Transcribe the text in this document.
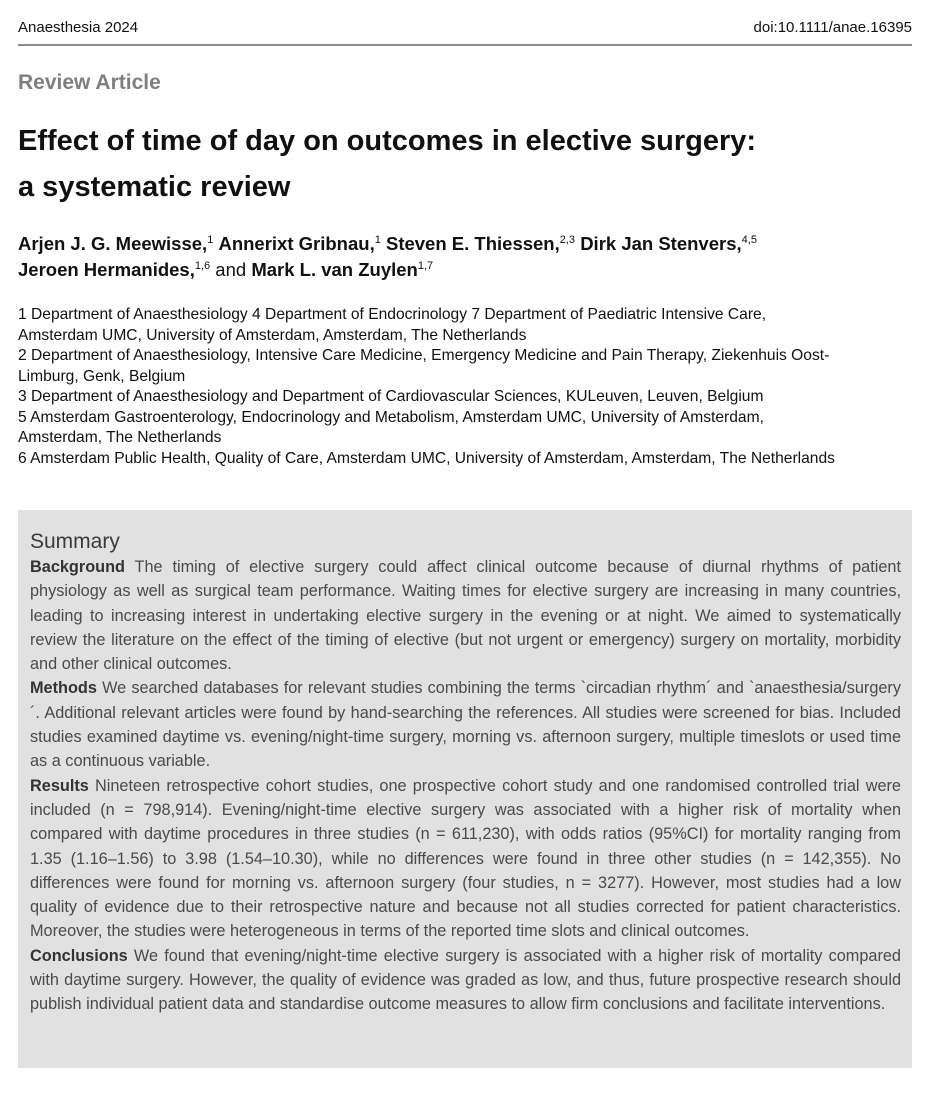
Anaesthesia 2024	doi:10.1111/anae.16395
Review Article
Effect of time of day on outcomes in elective surgery:
a systematic review
Arjen J. G. Meewisse,$^1$ Annerixt Gribnau,$^1$ Steven E. Thiessen,$^{2,3}$ Dirk Jan Stenvers,$^{4,5}$
Jeroen Hermanides,$^{1,6}$ and Mark L. van Zuylen$^{1,7}$
1 Department of Anaesthesiology 4 Department of Endocrinology 7 Department of Paediatric Intensive Care,
Amsterdam UMC, University of Amsterdam, Amsterdam, The Netherlands
2 Department of Anaesthesiology, Intensive Care Medicine, Emergency Medicine and Pain Therapy, Ziekenhuis Oost-
Limburg, Genk, Belgium
3 Department of Anaesthesiology and Department of Cardiovascular Sciences, KULeuven, Leuven, Belgium
5 Amsterdam Gastroenterology, Endocrinology and Metabolism, Amsterdam UMC, University of Amsterdam,
Amsterdam, The Netherlands
6 Amsterdam Public Health, Quality of Care, Amsterdam UMC, University of Amsterdam, Amsterdam, The Netherlands
Summary

Background The timing of elective surgery could affect clinical outcome because of diurnal rhythms of patient physiology as well as surgical team performance. Waiting times for elective surgery are increasing in many countries, leading to increasing interest in undertaking elective surgery in the evening or at night. We aimed to systematically review the literature on the effect of the timing of elective (but not urgent or emergency) surgery on mortality, morbidity and other clinical outcomes.

Methods We searched databases for relevant studies combining the terms `circadian rhythm´ and `anaesthesia/surgery´. Additional relevant articles were found by hand-searching the references. All studies were screened for bias. Included studies examined daytime vs. evening/night-time surgery, morning vs. afternoon surgery, multiple timeslots or used time as a continuous variable.

Results Nineteen retrospective cohort studies, one prospective cohort study and one randomised controlled trial were included (n = 798,914). Evening/night-time elective surgery was associated with a higher risk of mortality when compared with daytime procedures in three studies (n = 611,230), with odds ratios (95%CI) for mortality ranging from 1.35 (1.16–1.56) to 3.98 (1.54–10.30), while no differences were found in three other studies (n = 142,355). No differences were found for morning vs. afternoon surgery (four studies, n = 3277). However, most studies had a low quality of evidence due to their retrospective nature and because not all studies corrected for patient characteristics. Moreover, the studies were heterogeneous in terms of the reported time slots and clinical outcomes.

Conclusions We found that evening/night-time elective surgery is associated with a higher risk of mortality compared with daytime surgery. However, the quality of evidence was graded as low, and thus, future prospective research should publish individual patient data and standardise outcome measures to allow firm conclusions and facilitate interventions.
